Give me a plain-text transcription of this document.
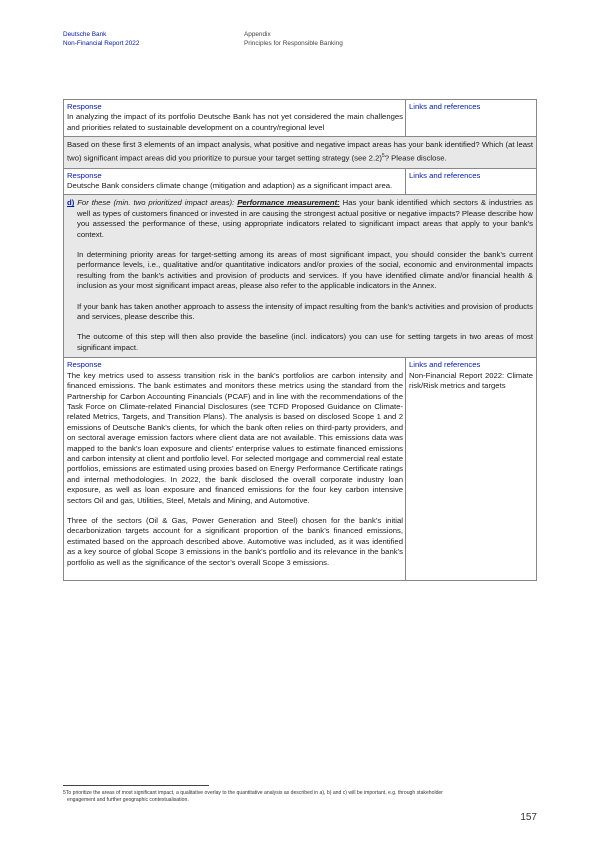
Deutsche Bank
Non-Financial Report 2022
Appendix
Principles for Responsible Banking
Response

In analyzing the impact of its portfolio Deutsche Bank has not yet considered the main challenges and priorities related to sustainable development on a country/regional level

Links and references

Based on these first 3 elements of an impact analysis, what positive and negative impact areas has your bank identified? Which (at least two) significant impact areas did you prioritize to pursue your target setting strategy (see 2.2)$^5$? Please disclose.

Response

Deutsche Bank considers climate change (mitigation and adaption) as a significant impact area.

Links and references

d) For these (min. two prioritized impact areas): Performance measurement: Has your bank identified which sectors & industries as well as types of customers financed or invested in are causing the strongest actual positive or negative impacts? Please describe how you assessed the performance of these, using appropriate indicators related to significant impact areas that apply to your bank’s context.

In determining priority areas for target-setting among its areas of most significant impact, you should consider the bank’s current performance levels, i.e., qualitative and/or quantitative indicators and/or proxies of the social, economic and environmental impacts resulting from the bank’s activities and provision of products and services. If you have identified climate and/or financial health & inclusion as your most significant impact areas, please also refer to the applicable indicators in the Annex.

If your bank has taken another approach to assess the intensity of impact resulting from the bank’s activities and provision of products and services, please describe this.

The outcome of this step will then also provide the baseline (incl. indicators) you can use for setting targets in two areas of most significant impact.

Response

The key metrics used to assess transition risk in the bank’s portfolios are carbon intensity and financed emissions. The bank estimates and monitors these metrics using the standard from the Partnership for Carbon Accounting Financials (PCAF) and in line with the recommendations of the Task Force on Climate-related Financial Disclosures (see TCFD Proposed Guidance on Climate-related Metrics, Targets, and Transition Plans). The analysis is based on disclosed Scope 1 and 2 emissions of Deutsche Bank’s clients, for which the bank often relies on third-party providers, and on sectoral average emission factors where client data are not available. This emissions data was mapped to the bank’s loan exposure and clients’ enterprise values to estimate financed emissions and carbon intensity at client and portfolio level. For selected mortgage and commercial real estate portfolios, emissions are estimated using proxies based on Energy Performance Certificate ratings and internal methodologies. In 2022, the bank disclosed the overall corporate industry loan exposure, as well as loan exposure and financed emissions for the four key carbon intensive sectors Oil and gas, Utilities, Steel, Metals and Mining, and Automotive.

Three of the sectors (Oil & Gas, Power Generation and Steel) chosen for the bank’s initial decarbonization targets account for a significant proportion of the bank’s financed emissions, estimated based on the approach described above. Automotive was included, as it was identified as a key source of global Scope 3 emissions in the bank’s portfolio and its relevance in the bank’s portfolio as well as the significance of the sector’s overall Scope 3 emissions.

Links and references

Non-Financial Report 2022: Climate risk/Risk metrics and targets

5To prioritize the areas of most significant impact, a qualitative overlay to the quantitative analysis as described in a), b) and c) will be important, e.g. through stakeholder
engagement and further geographic contextualisation.
157
